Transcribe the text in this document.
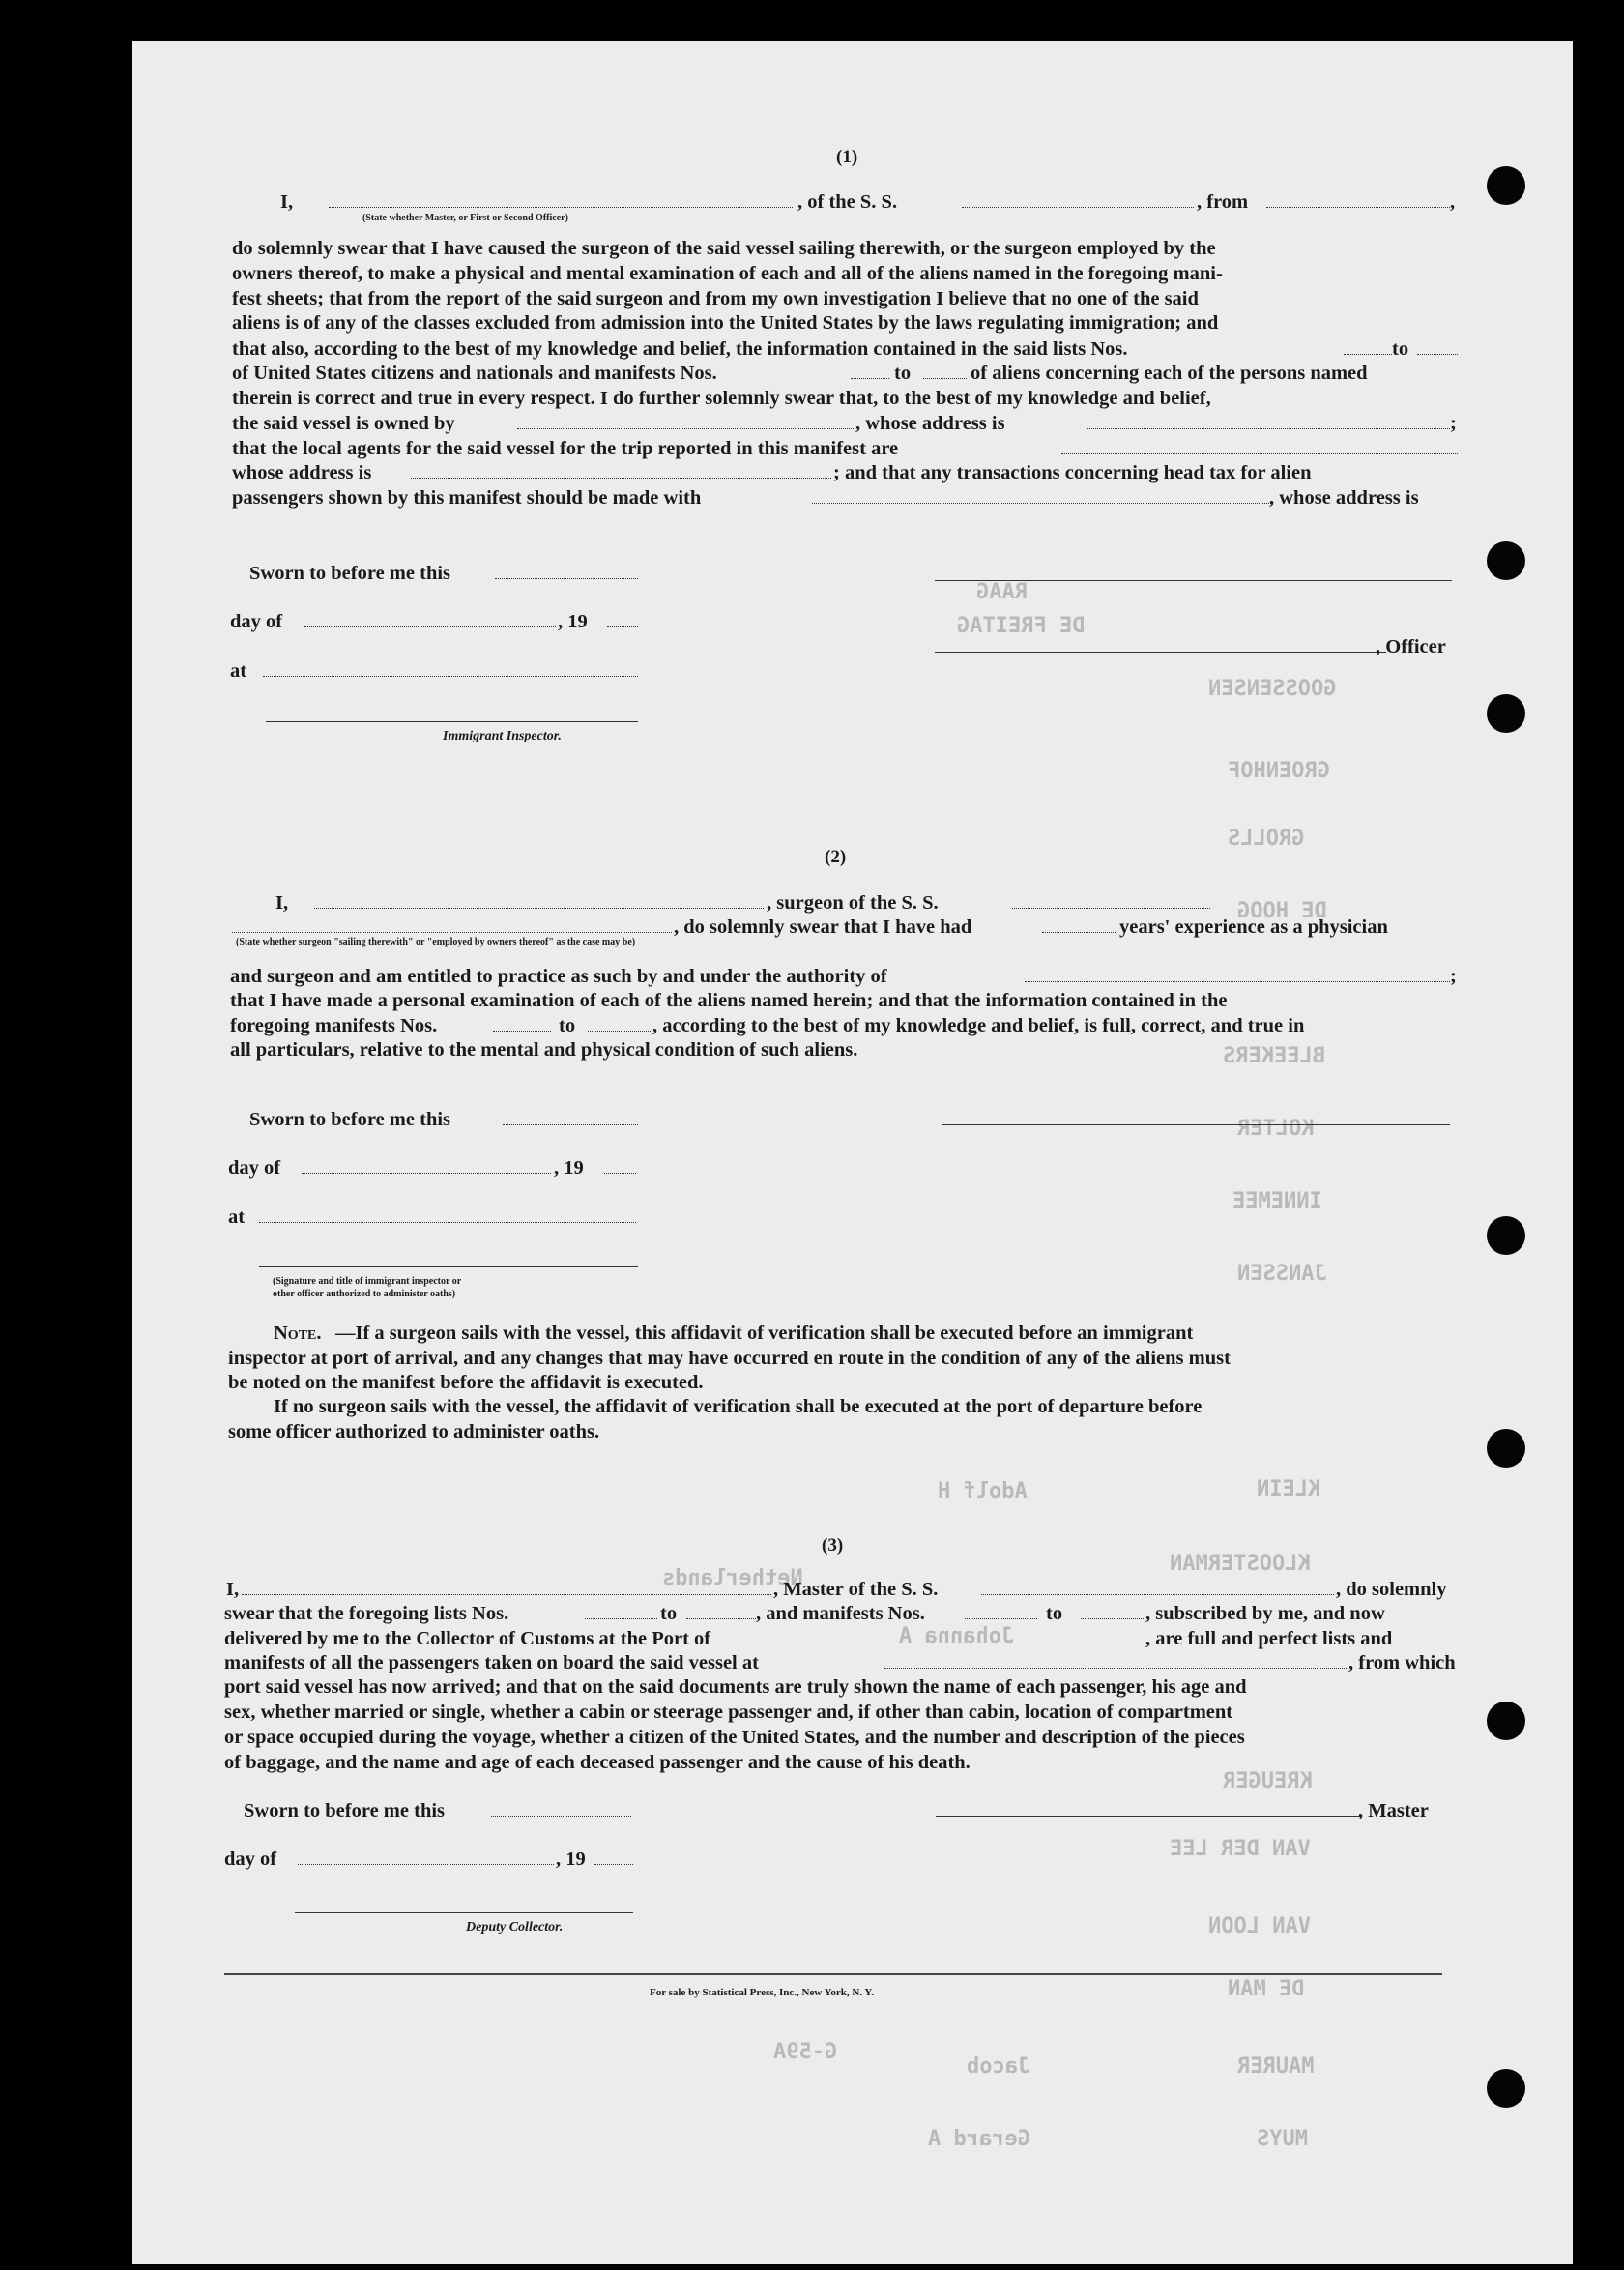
RAAG
DE FREITAG
GOOSSENSEN
GROENHOF
GROLLS
DE HOOG
BLEEKERS
KOLTER
INNEMEE
JANSSEN
KLEIN
KLOOSTERMAN
KREUGER
VAN DER LEE
VAN LOON
DE MAN
MAURER
MUYS
Netherlands
Adolf H
Johanna A
Jacob
Gerard A
G-59A
(1)
I,
(State whether Master, or First or Second Officer)
, of the S. S.	, from	,
do solemnly swear that I have caused the surgeon of the said vessel sailing therewith, or the surgeon employed by the
owners thereof, to make a physical and mental examination of each and all of the aliens named in the foregoing mani-
fest sheets; that from the report of the said surgeon and from my own investigation I believe that no one of the said
aliens is of any of the classes excluded from admission into the United States by the laws regulating immigration; and
that also, according to the best of my knowledge and belief, the information contained in the said lists Nos.	to
of United States citizens and nationals and manifests Nos.	to	of aliens concerning each of the persons named
therein is correct and true in every respect. I do further solemnly swear that, to the best of my knowledge and belief,
the said vessel is owned by	, whose address is	;
that the local agents for the said vessel for the trip reported in this manifest are
whose address is	; and that any transactions concerning head tax for alien
passengers shown by this manifest should be made with	, whose address is
Sworn to before me this
day of	, 19
at
Immigrant Inspector.
, Officer
(2)
I,	, surgeon of the S. S.
, do solemnly swear that I have had	years' experience as a physician
(State whether surgeon "sailing therewith" or "employed by owners thereof" as the case may be)
and surgeon and am entitled to practice as such by and under the authority of	;
that I have made a personal examination of each of the aliens named herein; and that the information contained in the
foregoing manifests Nos.	to	, according to the best of my knowledge and belief, is full, correct, and true in
all particulars, relative to the mental and physical condition of such aliens.
Sworn to before me this
day of	, 19
at
(Signature and title of immigrant inspector or
other officer authorized to administer oaths)
Note. —If a surgeon sails with the vessel, this affidavit of verification shall be executed before an immigrant
inspector at port of arrival, and any changes that may have occurred en route in the condition of any of the aliens must
be noted on the manifest before the affidavit is executed.
If no surgeon sails with the vessel, the affidavit of verification shall be executed at the port of departure before
some officer authorized to administer oaths.
(3)
I,	, Master of the S. S.	, do solemnly
swear that the foregoing lists Nos.	to	, and manifests Nos.	to	, subscribed by me, and now
delivered by me to the Collector of Customs at the Port of	, are full and perfect lists and
manifests of all the passengers taken on board the said vessel at	, from which
port said vessel has now arrived; and that on the said documents are truly shown the name of each passenger, his age and
sex, whether married or single, whether a cabin or steerage passenger and, if other than cabin, location of compartment
or space occupied during the voyage, whether a citizen of the United States, and the number and description of the pieces
of baggage, and the name and age of each deceased passenger and the cause of his death.
Sworn to before me this	, Master
day of	, 19
Deputy Collector.
For sale by Statistical Press, Inc., New York, N. Y.
